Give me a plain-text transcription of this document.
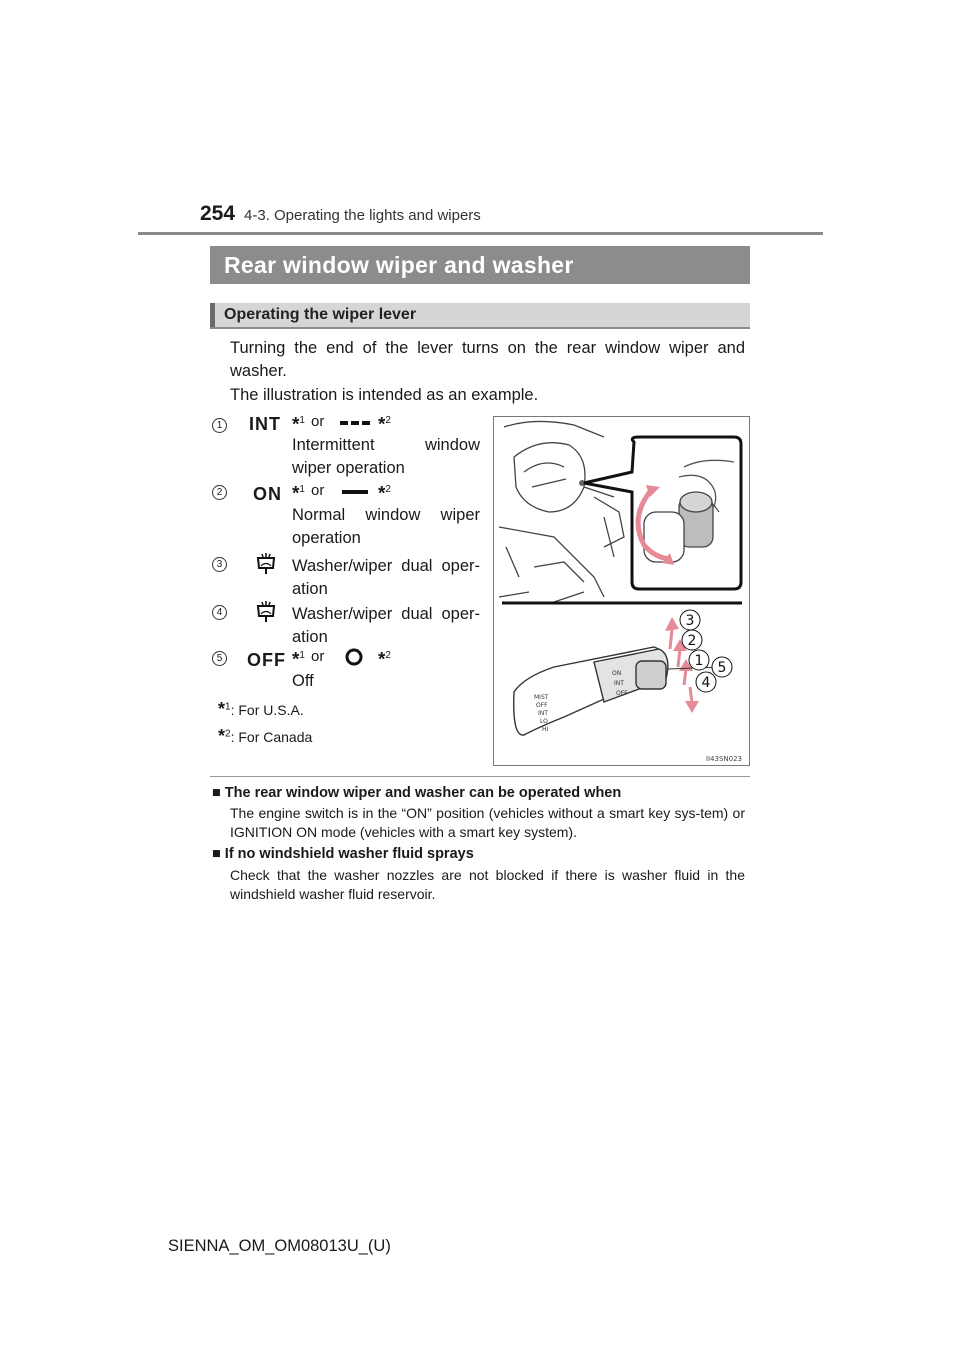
254 4-3. Operating the lights and wipers
Rear window wiper and washer
Operating the wiper lever
Turning the end of the lever turns on the rear window wiper and washer.
The illustration is intended as an example.
1 INT *$^1$ or	*$^2$
Intermittent window
wiper operation
2 ON *$^1$ or	*$^2$
Normal window wiper
operation
3	Washer/wiper dual oper-
ation
4	Washer/wiper dual oper-
ation
5 OFF *$^1$ or	*$^2$
Off
*$^1$: For U.S.A.
*$^2$: For Canada
MIST
OFF
INT
LO
HI
ON
INT
OFF
3
2
1 5
4
II43SN023
■ The rear window wiper and washer can be operated when
The engine switch is in the “ON” position (vehicles without a smart key sys-tem) or IGNITION ON mode (vehicles with a smart key system).
■ If no windshield washer fluid sprays
Check that the washer nozzles are not blocked if there is washer fluid in the windshield washer fluid reservoir.
SIENNA_OM_OM08013U_(U)
